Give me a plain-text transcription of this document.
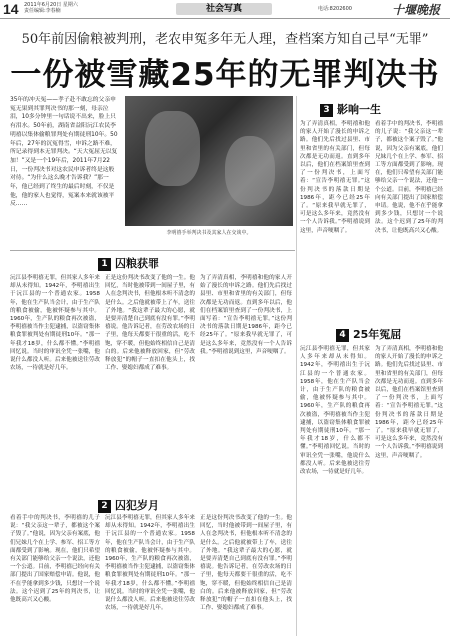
14 2011年6月20日 星期六
责任编辑:李春楠	社会写真	电话:8202600	十堰晚报
50年前因偷粮被判刑，老农申冤多年无人理，查档案方知自己早“无罪”
一份被雪藏25年的无罪判决书
35年的冲天冤——孝子赴不敢忘的父亲申冤无果到其罪判决书的那一刻，母亲泣泪，10多分钟里一句话说不出来，脸上只有泪水。50年前，湖南省益阳沅江农民李明禧以集体偷粮罪判处有期徒刑10年。50年后，27年的沉冤得雪，申诉之路不难，所记录得到本无罪判决。“天大冤屈无以复加！”又是一个19年后，2011年7月22日，一份判决书对这农民申诉者终是这般对待。“为什么这么晚才告诉我？”那一年，他已经到了终生的最后时刻，不仅是他，他的家人也觉得，冤案本来就该被平反……
李明禧手举判决书及其家人在交谈中。
3 影响一生
为了弄清真相，李明禧和他的家人开始了漫长的申诉之路。他们先后找过县里、市里和省里的有关部门，但每次都是无功而返。直到多年以后，他们在档案馆里查到了一份判决书，上面写着：“宣告李明禧无罪。”这份判决书的落款日期是1986年，距今已经25年了。“原来我早就无罪了，可是这么多年来，竟然没有一个人告诉我。”李明禧说到这里，声音哽咽了。
看着手中的判决书，李明禧的儿子说：“我父亲这一辈子，都被这个案子毁了。”他说，因为父亲有案底，他们兄妹几个在上学、参军、招工等方面都受到了影响。现在，他们只希望有关部门能够给父亲一个说法，还他一个公道。目前，李明禧已经向有关部门提出了国家赔偿申请。他说，他不在乎能拿到多少钱，只想讨一个说法。这个迟到了25年的判决书，让他既高兴又心酸。
1 囚粮获罪
沅江县李明禧无罪，但其家人多年来却从未得知。1942年，李明禧出生于沅江县的一个普通农家。1958年，他在生产队当会计，由于生产队的粮食被偷，他被怀疑参与其中。1960年，生产队的粮食再次被盗，李明禧被当作主犯逮捕，以盗窃集体粮食罪被判处有期徒刑10年。“那一年我才18岁，什么都不懂。”李明禧回忆说。当时的审讯全凭一张嘴，他说什么都没人听。后来他被送往劳改农场，一待就是好几年。
正是这份判决书改变了他的一生。他回忆，当时他被带到一间屋子里，有人在念判决书，但他根本听不清念的是什么。之后他就被带上了车，送往了外地。“我这辈子最大的心愿，就是要弄清楚自己到底有没有罪。”李明禧说。他告诉记者，在劳改农场的日子里，他每天都要干很重的活，吃不饱，穿不暖，但他始终相信自己是清白的。后来他被释放回家，但“劳改释放犯”的帽子一直扣在他头上，找工作、娶媳妇都成了难事。
为了弄清真相，李明禧和他的家人开始了漫长的申诉之路。他们先后找过县里、市里和省里的有关部门，但每次都是无功而返。直到多年以后，他们在档案馆里查到了一份判决书，上面写着：“宣告李明禧无罪。”这份判决书的落款日期是1986年，距今已经25年了。“原来我早就无罪了，可是这么多年来，竟然没有一个人告诉我。”李明禧说到这里，声音哽咽了。
2 囚犯岁月
看着手中的判决书，李明禧的儿子说：“我父亲这一辈子，都被这个案子毁了。”他说，因为父亲有案底，他们兄妹几个在上学、参军、招工等方面都受到了影响。现在，他们只希望有关部门能够给父亲一个说法，还他一个公道。目前，李明禧已经向有关部门提出了国家赔偿申请。他说，他不在乎能拿到多少钱，只想讨一个说法。这个迟到了25年的判决书，让他既高兴又心酸。
沅江县李明禧无罪，但其家人多年来却从未得知。1942年，李明禧出生于沅江县的一个普通农家。1958年，他在生产队当会计，由于生产队的粮食被偷，他被怀疑参与其中。1960年，生产队的粮食再次被盗，李明禧被当作主犯逮捕，以盗窃集体粮食罪被判处有期徒刑10年。“那一年我才18岁，什么都不懂。”李明禧回忆说。当时的审讯全凭一张嘴，他说什么都没人听。后来他被送往劳改农场，一待就是好几年。
正是这份判决书改变了他的一生。他回忆，当时他被带到一间屋子里，有人在念判决书，但他根本听不清念的是什么。之后他就被带上了车，送往了外地。“我这辈子最大的心愿，就是要弄清楚自己到底有没有罪。”李明禧说。他告诉记者，在劳改农场的日子里，他每天都要干很重的活，吃不饱，穿不暖，但他始终相信自己是清白的。后来他被释放回家，但“劳改释放犯”的帽子一直扣在他头上，找工作、娶媳妇都成了难事。
4 25年冤屈
沅江县李明禧无罪，但其家人多年来却从未得知。1942年，李明禧出生于沅江县的一个普通农家。1958年，他在生产队当会计，由于生产队的粮食被偷，他被怀疑参与其中。1960年，生产队的粮食再次被盗，李明禧被当作主犯逮捕，以盗窃集体粮食罪被判处有期徒刑10年。“那一年我才18岁，什么都不懂。”李明禧回忆说。当时的审讯全凭一张嘴，他说什么都没人听。后来他被送往劳改农场，一待就是好几年。
为了弄清真相，李明禧和他的家人开始了漫长的申诉之路。他们先后找过县里、市里和省里的有关部门，但每次都是无功而返。直到多年以后，他们在档案馆里查到了一份判决书，上面写着：“宣告李明禧无罪。”这份判决书的落款日期是1986年，距今已经25年了。“原来我早就无罪了，可是这么多年来，竟然没有一个人告诉我。”李明禧说到这里，声音哽咽了。
